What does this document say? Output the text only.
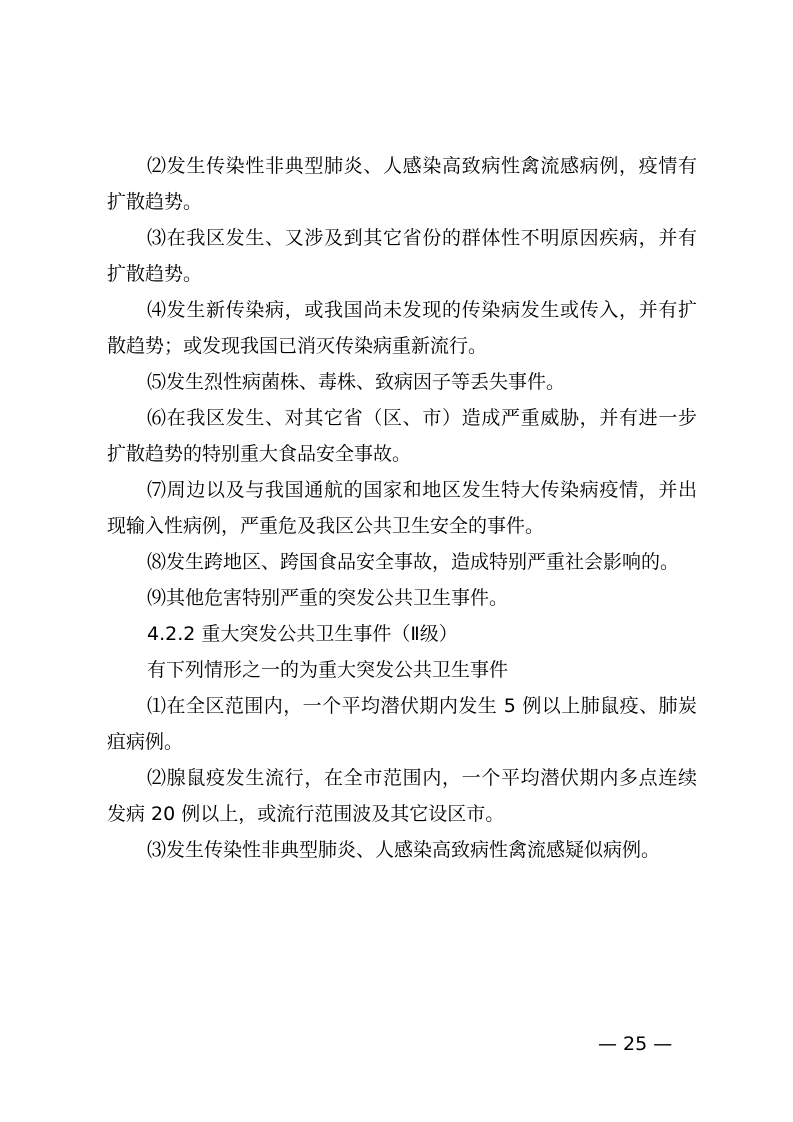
⑵发生传染性非典型肺炎、人感染高致病性禽流感病例，疫情有扩散趋势。

⑶在我区发生、又涉及到其它省份的群体性不明原因疾病，并有扩散趋势。

⑷发生新传染病，或我国尚未发现的传染病发生或传入，并有扩散趋势；或发现我国已消灭传染病重新流行。

⑸发生烈性病菌株、毒株、致病因子等丢失事件。

⑹在我区发生、对其它省（区、市）造成严重威胁，并有进一步扩散趋势的特别重大食品安全事故。

⑺周边以及与我国通航的国家和地区发生特大传染病疫情，并出现输入性病例，严重危及我区公共卫生安全的事件。

⑻发生跨地区、跨国食品安全事故，造成特别严重社会影响的。

⑼其他危害特别严重的突发公共卫生事件。

4.2.2 重大突发公共卫生事件（Ⅱ级）

有下列情形之一的为重大突发公共卫生事件

⑴在全区范围内，一个平均潜伏期内发生 5 例以上肺鼠疫、肺炭疽病例。

⑵腺鼠疫发生流行，在全市范围内，一个平均潜伏期内多点连续发病 20 例以上，或流行范围波及其它设区市。

⑶发生传染性非典型肺炎、人感染高致病性禽流感疑似病例。

— 25 —
